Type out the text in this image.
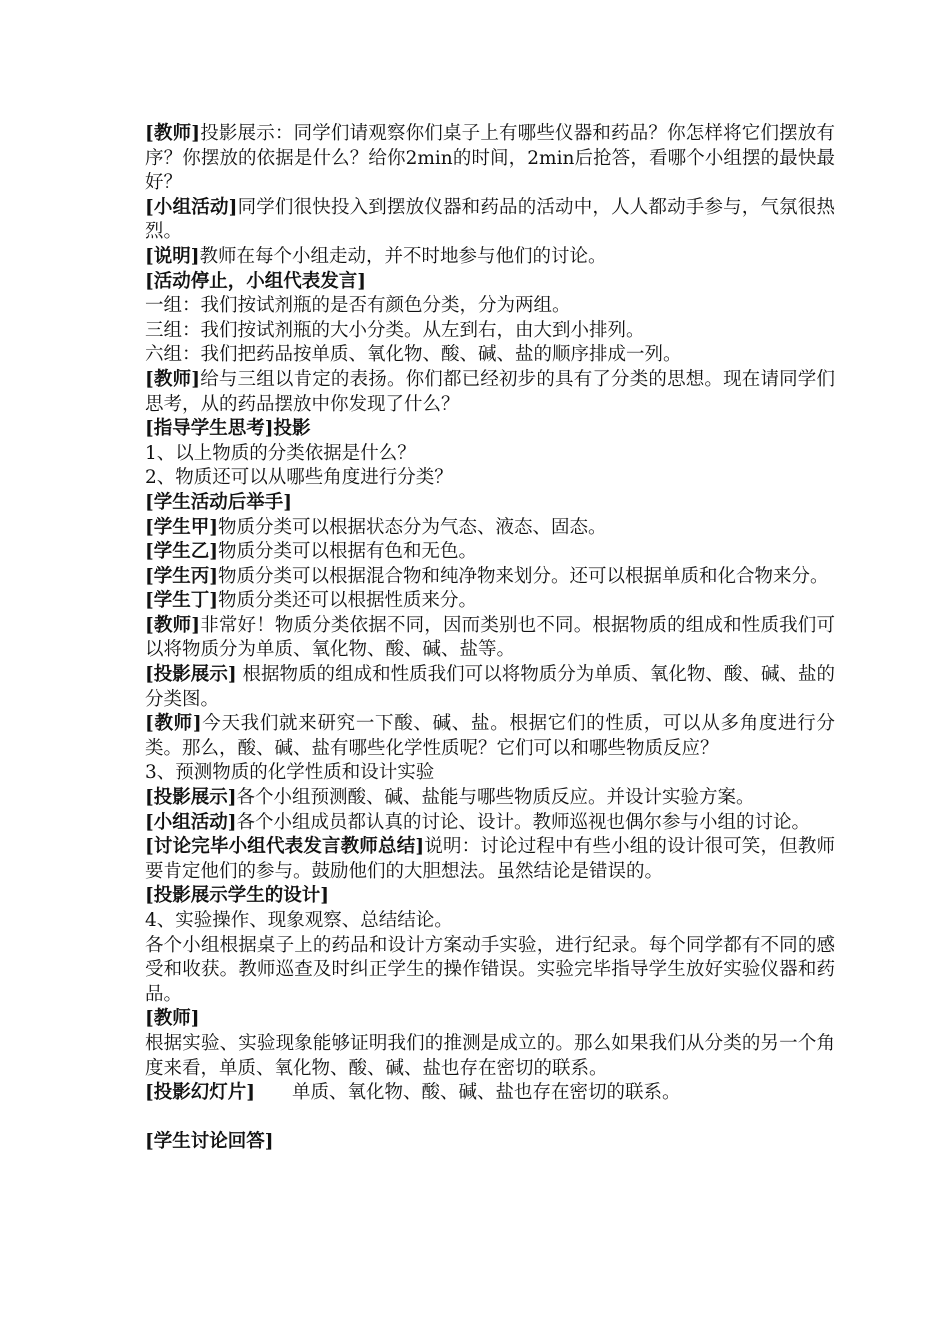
[教师]投影展示：同学们请观察你们桌子上有哪些仪器和药品？你怎样将它们摆放有序？你摆放的依据是什么？给你2min的时间，2min后抢答，看哪个小组摆的最快最好？

[小组活动]同学们很快投入到摆放仪器和药品的活动中，人人都动手参与，气氛很热烈。

[说明]教师在每个小组走动，并不时地参与他们的讨论。

[活动停止，小组代表发言]

一组：我们按试剂瓶的是否有颜色分类，分为两组。

三组：我们按试剂瓶的大小分类。从左到右，由大到小排列。

六组：我们把药品按单质、氧化物、酸、碱、盐的顺序排成一列。

[教师]给与三组以肯定的表扬。你们都已经初步的具有了分类的思想。现在请同学们思考，从的药品摆放中你发现了什么？

[指导学生思考]投影

1、以上物质的分类依据是什么？

2、物质还可以从哪些角度进行分类？

[学生活动后举手]

[学生甲]物质分类可以根据状态分为气态、液态、固态。

[学生乙]物质分类可以根据有色和无色。

[学生丙]物质分类可以根据混合物和纯净物来划分。还可以根据单质和化合物来分。

[学生丁]物质分类还可以根据性质来分。

[教师]非常好！物质分类依据不同，因而类别也不同。根据物质的组成和性质我们可以将物质分为单质、氧化物、酸、碱、盐等。

[投影展示] 根据物质的组成和性质我们可以将物质分为单质、氧化物、酸、碱、盐的分类图。

[教师]今天我们就来研究一下酸、碱、盐。根据它们的性质，可以从多角度进行分类。那么，酸、碱、盐有哪些化学性质呢？它们可以和哪些物质反应？

3、预测物质的化学性质和设计实验

[投影展示]各个小组预测酸、碱、盐能与哪些物质反应。并设计实验方案。

[小组活动]各个小组成员都认真的讨论、设计。教师巡视也偶尔参与小组的讨论。

[讨论完毕小组代表发言教师总结]说明：讨论过程中有些小组的设计很可笑，但教师要肯定他们的参与。鼓励他们的大胆想法。虽然结论是错误的。

[投影展示学生的设计]

4、实验操作、现象观察、总结结论。

各个小组根据桌子上的药品和设计方案动手实验，进行纪录。每个同学都有不同的感受和收获。教师巡查及时纠正学生的操作错误。实验完毕指导学生放好实验仪器和药品。

[教师]

根据实验、实验现象能够证明我们的推测是成立的。那么如果我们从分类的另一个角度来看，单质、氧化物、酸、碱、盐也存在密切的联系。

[投影幻灯片]　　单质、氧化物、酸、碱、盐也存在密切的联系。

[学生讨论回答]
